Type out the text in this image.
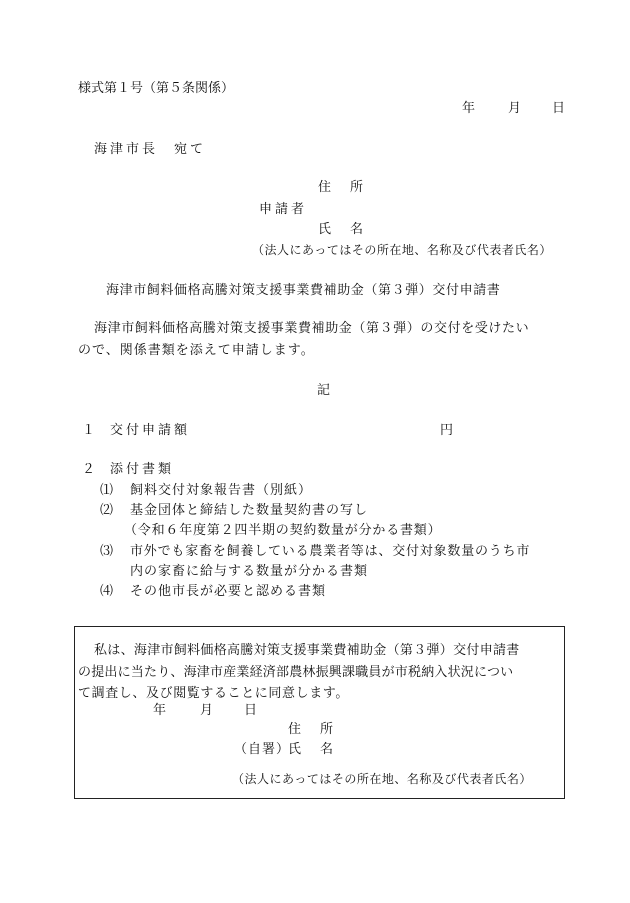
様式第１号（第５条関係）
年	月 日
海津市長　宛て
住　所
申請者
氏　名
（法人にあってはその所在地、名称及び代表者氏名）
海津市飼料価格高騰対策支援事業費補助金（第３弾）交付申請書
海津市飼料価格高騰対策支援事業費補助金（第３弾）の交付を受けたい
ので、関係書類を添えて申請します。
記
１ 交付申請額	円
２ 添付書類
⑴ 飼料交付対象報告書（別紙）
⑵ 基金団体と締結した数量契約書の写し
（令和６年度第２四半期の契約数量が分かる書類）
⑶ 市外でも家畜を飼養している農業者等は、交付対象数量のうち市
内の家畜に給与する数量が分かる書類
⑷ その他市長が必要と認める書類
私は、海津市飼料価格高騰対策支援事業費補助金（第３弾）交付申請書
の提出に当たり、海津市産業経済部農林振興課職員が市税納入状況につい
て調査し、及び閲覧することに同意します。
年	月 日
住　所
（自署）
氏　名
（法人にあってはその所在地、名称及び代表者氏名）
